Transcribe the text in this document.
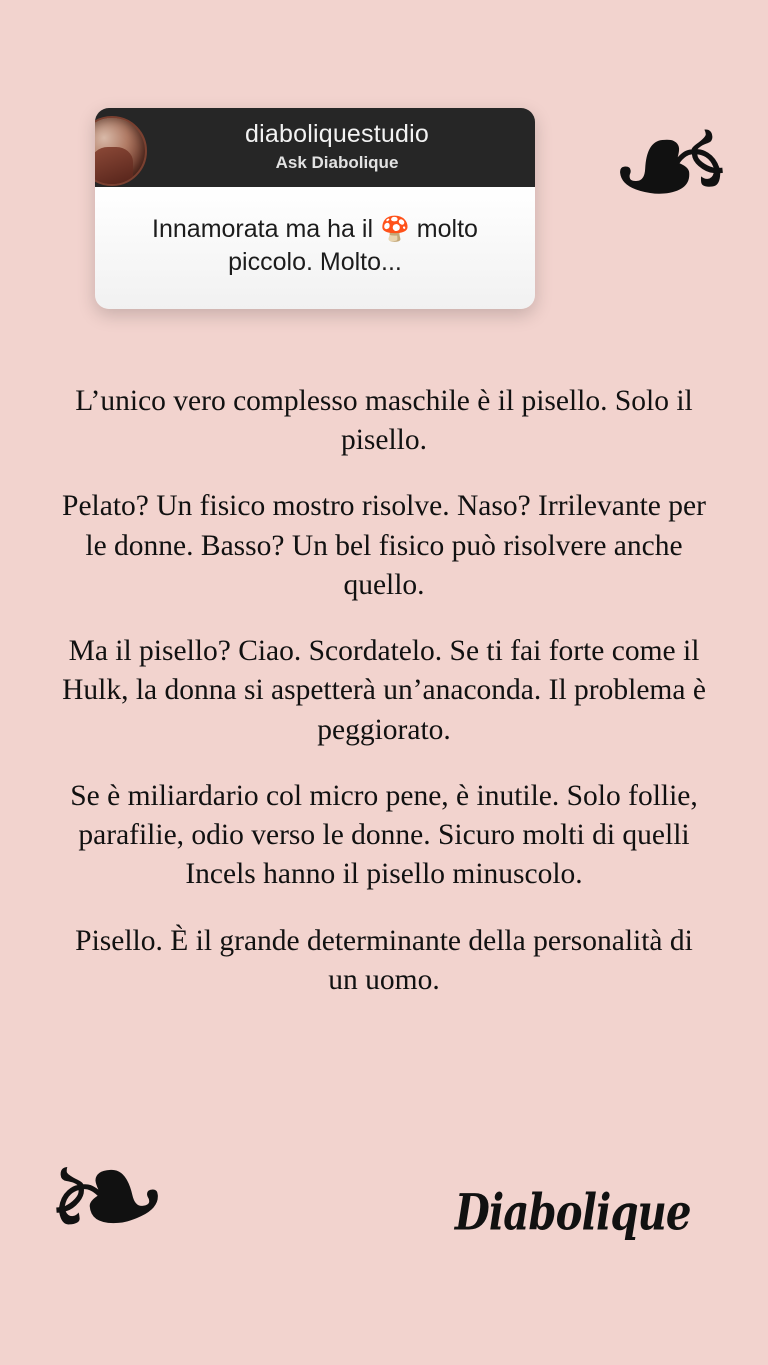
❧
diaboliquestudio
Ask Diabolique
Innamorata ma ha il 🍄 molto piccolo. Molto...

L’unico vero complesso maschile è il pisello. Solo il pisello.

Pelato? Un fisico mostro risolve. Naso? Irrilevante per le donne. Basso? Un bel fisico può risolvere anche quello.

Ma il pisello? Ciao. Scordatelo. Se ti fai forte come il Hulk, la donna si aspetterà un’anaconda. Il problema è peggiorato.

Se è miliardario col micro pene, è inutile. Solo follie, parafilie, odio verso le donne. Sicuro molti di quelli Incels hanno il pisello minuscolo.

Pisello. È il grande determinante della personalità di un uomo.

❧	Diabolique
